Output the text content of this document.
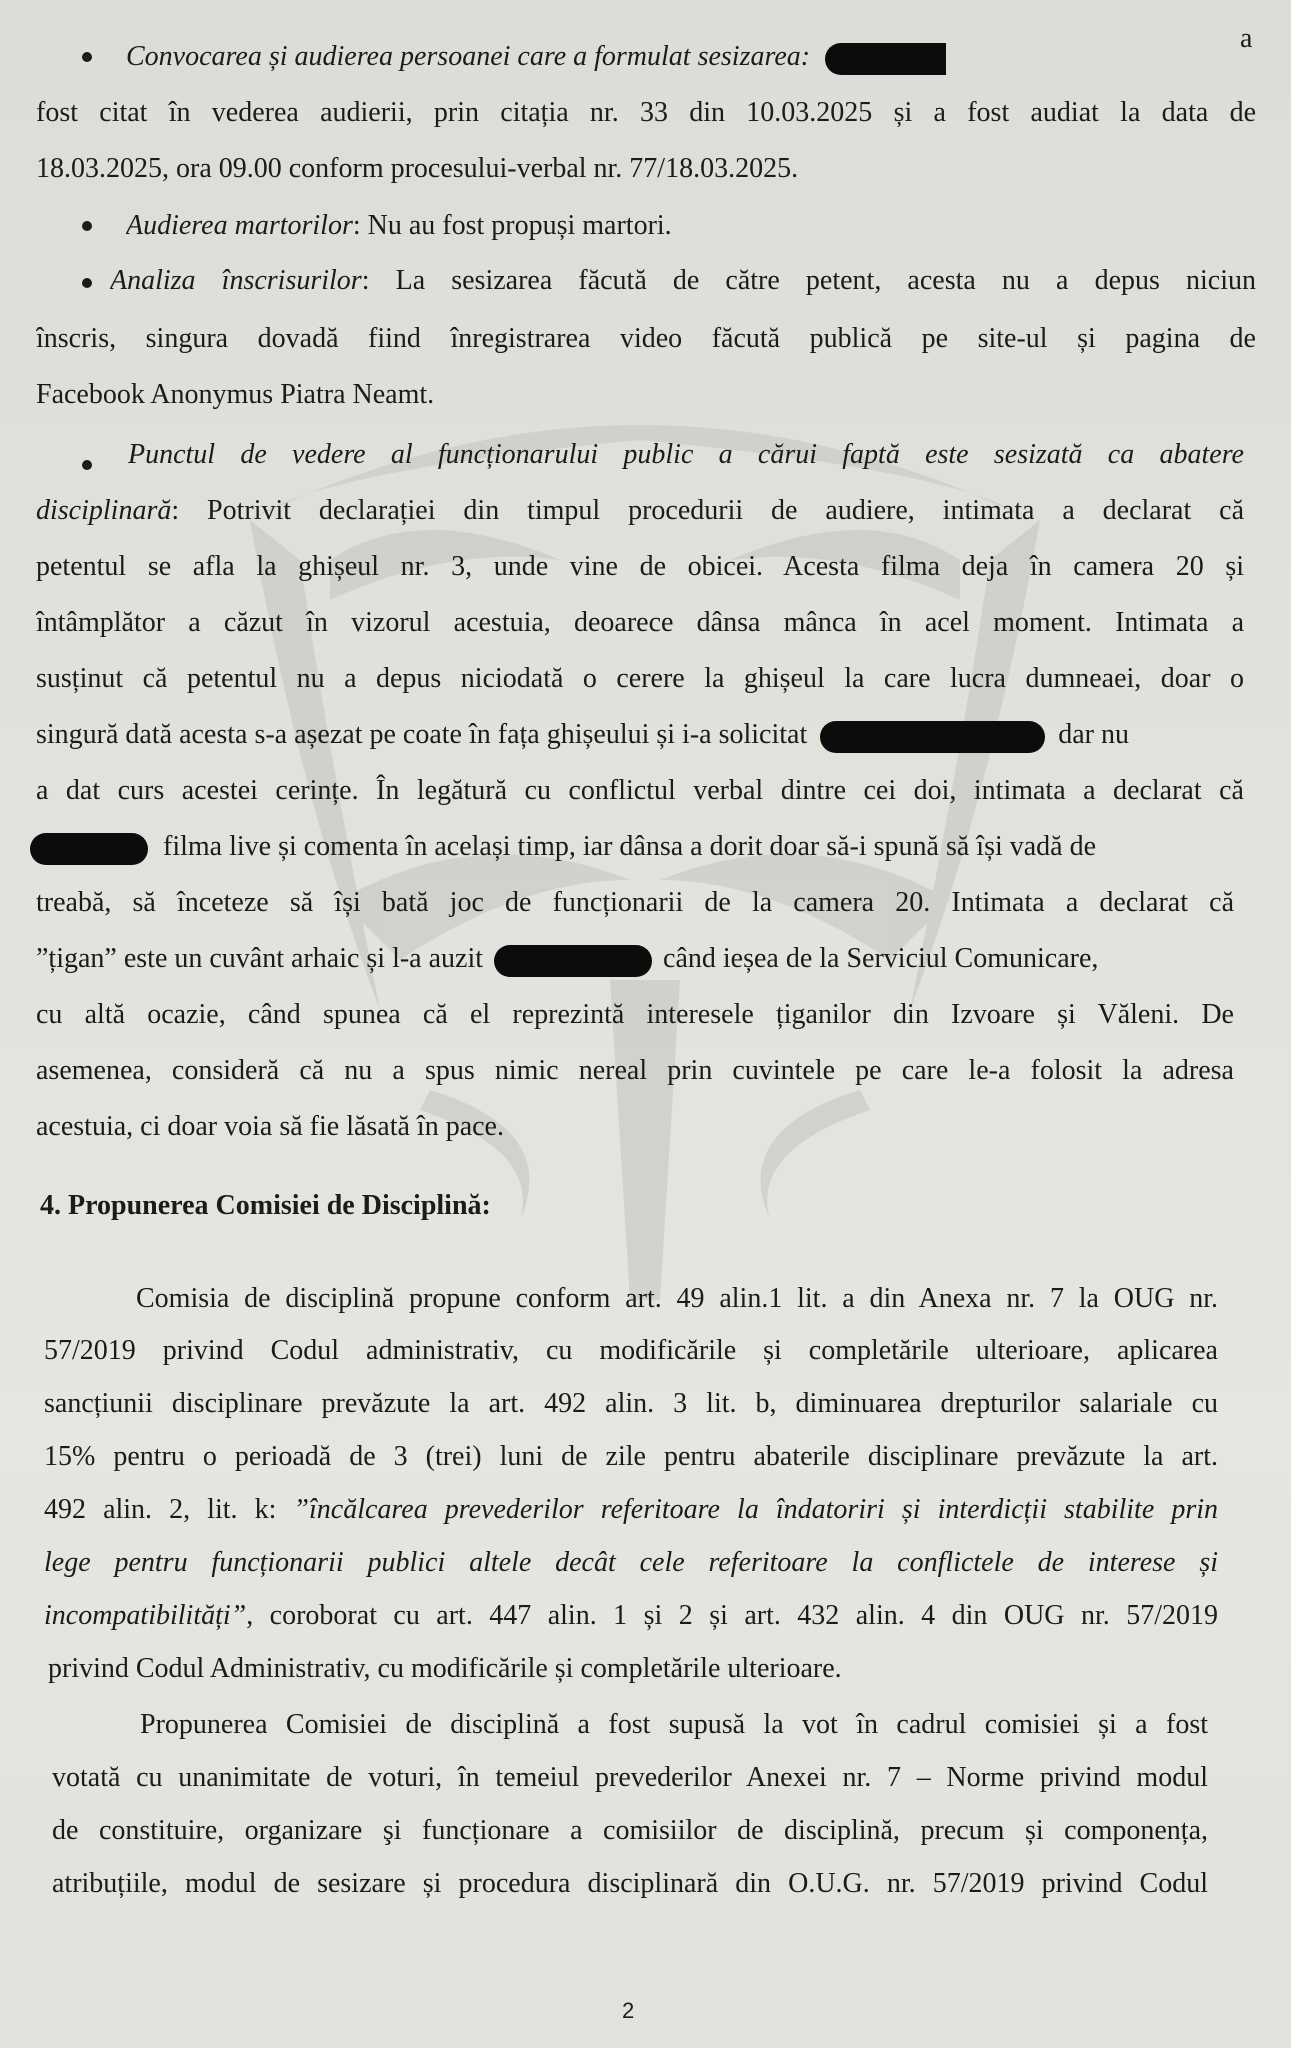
Convocarea și audierea persoanei care a formulat sesizarea:
a
fost citat în vederea audierii, prin citația nr. 33 din 10.03.2025 și a fost audiat la data de
18.03.2025, ora 09.00 conform procesului-verbal nr. 77/18.03.2025.
Audierea martorilor: Nu au fost propuși martori.
Analiza înscrisurilor: La sesizarea făcută de către petent, acesta nu a depus niciun
înscris, singura dovadă fiind înregistrarea video făcută publică pe site-ul și pagina de
Facebook Anonymus Piatra Neamt.
Punctul de vedere al funcționarului public a cărui faptă este sesizată ca abatere
disciplinară: Potrivit declarației din timpul procedurii de audiere, intimata a declarat că
petentul se afla la ghișeul nr. 3, unde vine de obicei. Acesta filma deja în camera 20 și
întâmplător a căzut în vizorul acestuia, deoarece dânsa mânca în acel moment. Intimata a
susținut că petentul nu a depus niciodată o cerere la ghișeul la care lucra dumneaei, doar o
singură dată acesta s-a așezat pe coate în fața ghișeului și i-a solicitat	dar nu
a dat curs acestei cerințe. În legătură cu conflictul verbal dintre cei doi, intimata a declarat că
filma live și comenta în același timp, iar dânsa a dorit doar să-i spună să își vadă de
treabă, să înceteze să își bată joc de funcționarii de la camera 20. Intimata a declarat că
”țigan” este un cuvânt arhaic și l-a auzit	când ieșea de la Serviciul Comunicare,
cu altă ocazie, când spunea că el reprezintă interesele țiganilor din Izvoare și Văleni. De
asemenea, consideră că nu a spus nimic nereal prin cuvintele pe care le-a folosit la adresa
acestuia, ci doar voia să fie lăsată în pace.
4. Propunerea Comisiei de Disciplină:
Comisia de disciplină propune conform art. 49 alin.1 lit. a din Anexa nr. 7 la OUG nr.
57/2019 privind Codul administrativ, cu modificările și completările ulterioare, aplicarea
sancțiunii disciplinare prevăzute la art. 492 alin. 3 lit. b, diminuarea drepturilor salariale cu
15% pentru o perioadă de 3 (trei) luni de zile pentru abaterile disciplinare prevăzute la art.
492 alin. 2, lit. k: ”încălcarea prevederilor referitoare la îndatoriri și interdicții stabilite prin
lege pentru funcționarii publici altele decât cele referitoare la conflictele de interese și
incompatibilități”, coroborat cu art. 447 alin. 1 și 2 și art. 432 alin. 4 din OUG nr. 57/2019
privind Codul Administrativ, cu modificările și completările ulterioare.
Propunerea Comisiei de disciplină a fost supusă la vot în cadrul comisiei și a fost
votată cu unanimitate de voturi, în temeiul prevederilor Anexei nr. 7 – Norme privind modul
de constituire, organizare şi funcționare a comisiilor de disciplină, precum și componența,
atribuțiile, modul de sesizare și procedura disciplinară din O.U.G. nr. 57/2019 privind Codul
2
